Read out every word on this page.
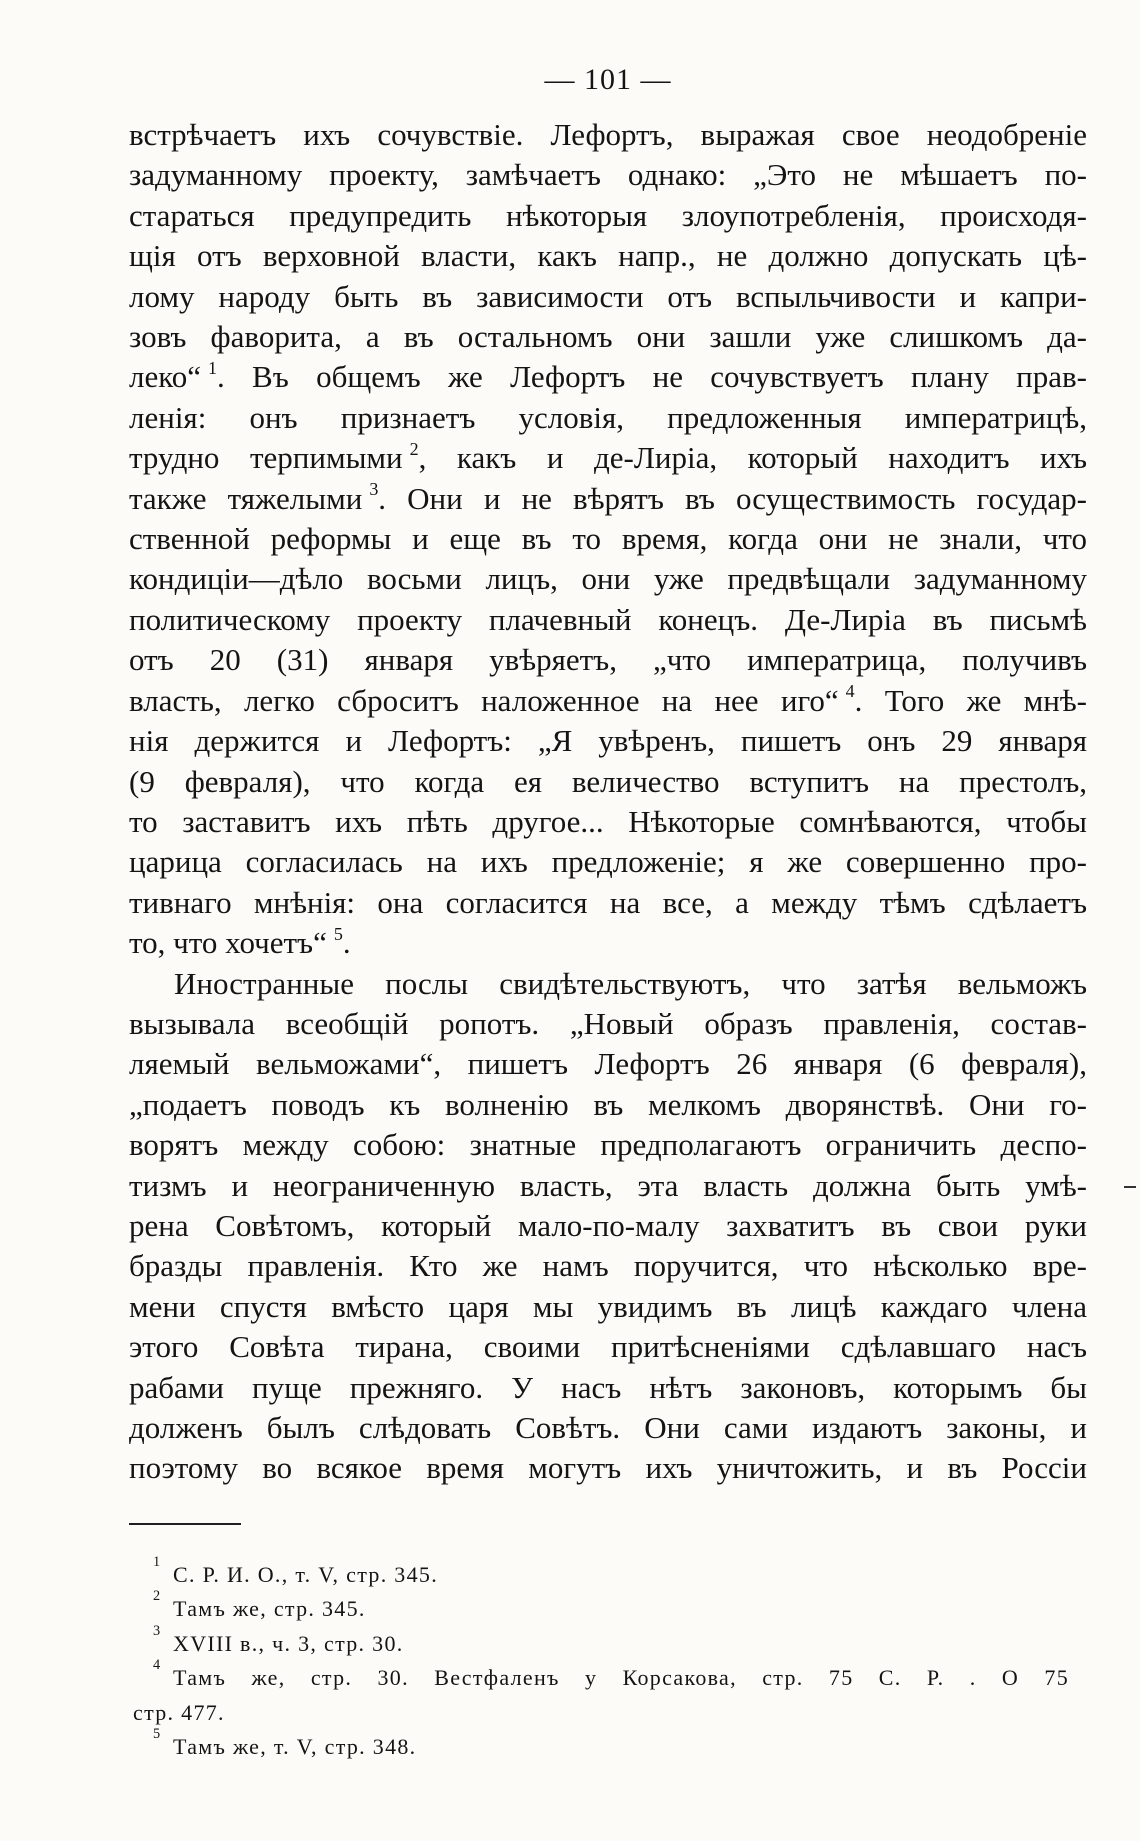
— 101 —
встрѣчаетъ ихъ сочувствіе. Лефортъ, выражая свое неодобреніе
задуманному проекту, замѣчаетъ однако: „Это не мѣшаетъ по-
стараться предупредить нѣкоторыя злоупотребленія, происходя-
щія отъ верховной власти, какъ напр., не должно допускать цѣ-
лому народу быть въ зависимости отъ вспыльчивости и капри-
зовъ фаворита, а въ остальномъ они зашли уже слишкомъ да-
леко“ $^1$. Въ общемъ же Лефортъ не сочувствуетъ плану прав-
ленія: онъ признаетъ условія, предложенныя императрицѣ,
трудно терпимыми $^2$, какъ и де-Лиріа, который находитъ ихъ
также тяжелыми $^3$. Они и не вѣрятъ въ осуществимость государ-
ственной реформы и еще въ то время, когда они не знали, что
кондиціи—дѣло восьми лицъ, они уже предвѣщали задуманному
политическому проекту плачевный конецъ. Де-Лиріа въ письмѣ
отъ 20 (31) января увѣряетъ, „что императрица, получивъ
власть, легко сброситъ наложенное на нее иго“ $^4$. Того же мнѣ-
нія держится и Лефортъ: „Я увѣренъ, пишетъ онъ 29 января
(9 февраля), что когда ея величество вступитъ на престолъ,
то заставитъ ихъ пѣть другое... Нѣкоторые сомнѣваются, чтобы
царица согласилась на ихъ предложеніе; я же совершенно про-
тивнаго мнѣнія: она согласится на все, а между тѣмъ сдѣлаетъ
то, что хочетъ“ $^5$.
Иностранные послы свидѣтельствуютъ, что затѣя вельможъ
вызывала всеобщій ропотъ. „Новый образъ правленія, состав-
ляемый вельможами“, пишетъ Лефортъ 26 января (6 февраля),
„подаетъ поводъ къ волненію въ мелкомъ дворянствѣ. Они го-
ворятъ между собою: знатные предполагаютъ ограничить деспо-
тизмъ и неограниченную власть, эта власть должна быть умѣ-
рена Совѣтомъ, который мало-по-малу захватитъ въ свои руки
бразды правленія. Кто же намъ поручится, что нѣсколько вре-
мени спустя вмѣсто царя мы увидимъ въ лицѣ каждаго члена
этого Совѣта тирана, своими притѣсненіями сдѣлавшаго насъ
рабами пуще прежняго. У насъ нѣтъ законовъ, которымъ бы
долженъ былъ слѣдовать Совѣтъ. Они сами издаютъ законы, и
поэтому во всякое время могутъ ихъ уничтожить, и въ Россіи
$^1$С. Р. И. О., т. V, стр. 345.
$^2$Тамъ же, стр. 345.
$^3$XVIII в., ч. 3, стр. 30.
$^4$Тамъ же, стр. 30. Вестфаленъ у Корсакова, стр. 75 С. Р. . О 75
стр. 477.
$^5$Тамъ же, т. V, стр. 348.
